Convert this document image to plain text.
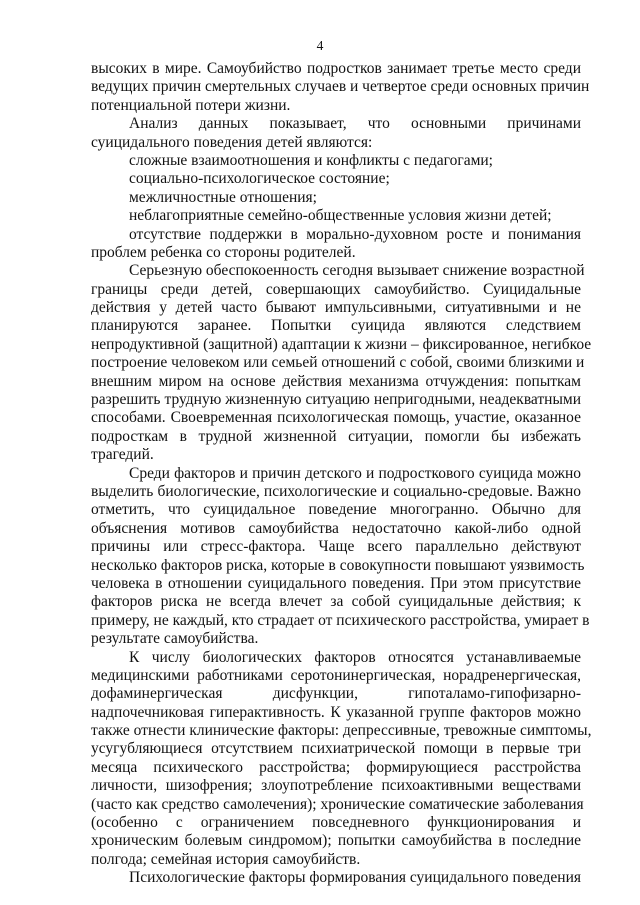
4
высоких в мире. Самоубийство подростков занимает третье место среди
ведущих причин смертельных случаев и четвертое среди основных причин
потенциальной потери жизни.
Анализ данных показывает, что основными причинами
суицидального поведения детей являются:
сложные взаимоотношения и конфликты с педагогами;
социально-психологическое состояние;
межличностные отношения;
неблагоприятные семейно-общественные условия жизни детей;
отсутствие поддержки в морально-духовном росте и понимания
проблем ребенка со стороны родителей.
Серьезную обеспокоенность сегодня вызывает снижение возрастной
границы среди детей, совершающих самоубийство. Суицидальные
действия у детей часто бывают импульсивными, ситуативными и не
планируются заранее. Попытки суицида являются следствием
непродуктивной (защитной) адаптации к жизни – фиксированное, негибкое
построение человеком или семьей отношений с собой, своими близкими и
внешним миром на основе действия механизма отчуждения: попыткам
разрешить трудную жизненную ситуацию непригодными, неадекватными
способами. Своевременная психологическая помощь, участие, оказанное
подросткам в трудной жизненной ситуации, помогли бы избежать
трагедий.
Среди факторов и причин детского и подросткового суицида можно
выделить биологические, психологические и социально-средовые. Важно
отметить, что суицидальное поведение многогранно. Обычно для
объяснения мотивов самоубийства недостаточно какой-либо одной
причины или стресс-фактора. Чаще всего параллельно действуют
несколько факторов риска, которые в совокупности повышают уязвимость
человека в отношении суицидального поведения. При этом присутствие
факторов риска не всегда влечет за собой суицидальные действия; к
примеру, не каждый, кто страдает от психического расстройства, умирает в
результате самоубийства.
К числу биологических факторов относятся устанавливаемые
медицинскими работниками серотонинергическая, норадренергическая,
дофаминергическая дисфункции, гипоталамо-гипофизарно-
надпочечниковая гиперактивность. К указанной группе факторов можно
также отнести клинические факторы: депрессивные, тревожные симптомы,
усугубляющиеся отсутствием психиатрической помощи в первые три
месяца психического расстройства; формирующиеся расстройства
личности, шизофрения; злоупотребление психоактивными веществами
(часто как средство самолечения); хронические соматические заболевания
(особенно с ограничением повседневного функционирования и
хроническим болевым синдромом); попытки самоубийства в последние
полгода; семейная история самоубийств.
Психологические факторы формирования суицидального поведения
